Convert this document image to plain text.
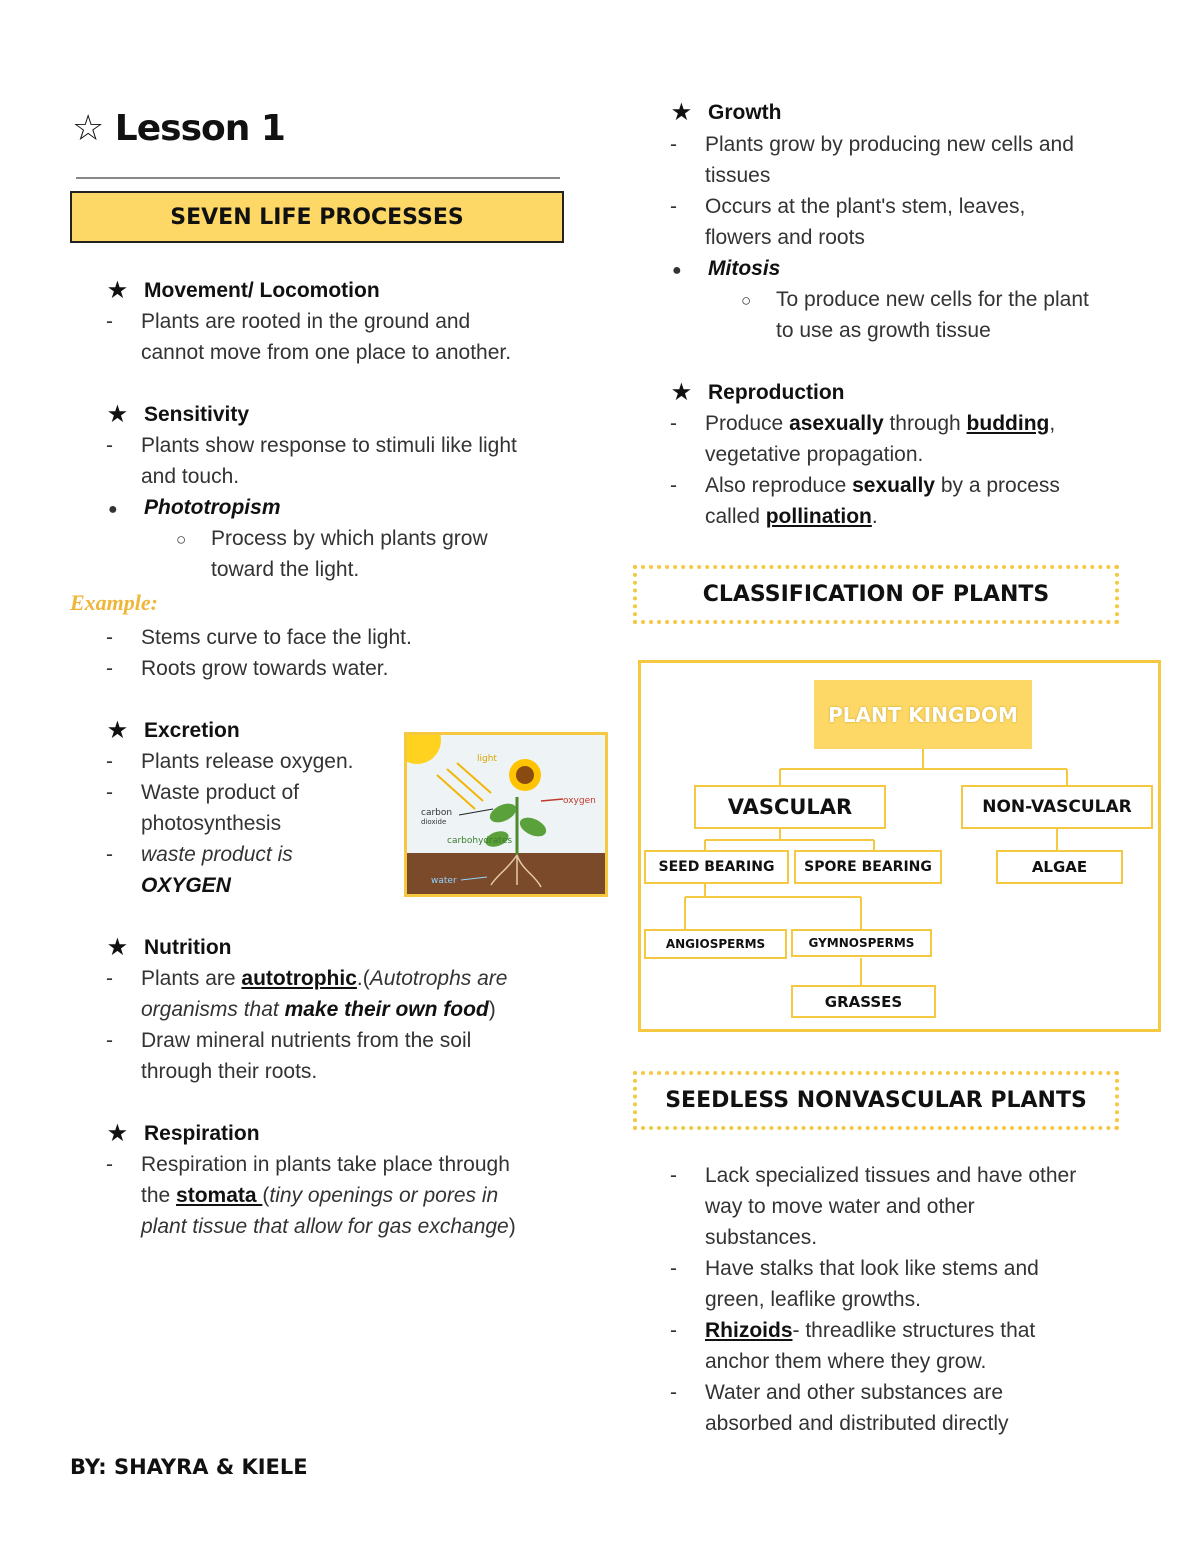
☆ Lesson 1
SEVEN LIFE PROCESSES
★ Movement/ Locomotion
- Plants are rooted in the ground and
cannot move from one place to another.
★ Sensitivity
- Plants show response to stimuli like light
and touch.
● Phototropism
○ Process by which plants grow
toward the light.
Example:
- Stems curve to face the light.
- Roots grow towards water.
★ Excretion
- Plants release oxygen.
- Waste product of
photosynthesis
- waste product is
OXYGEN
light
oxygen
carbon
dioxide
carbohydrates
water
★ Nutrition
- Plants are autotrophic.(Autotrophs are
organisms that make their own food)
- Draw mineral nutrients from the soil
through their roots.
★ Respiration
- Respiration in plants take place through
the stomata (tiny openings or pores in
plant tissue that allow for gas exchange)
BY: SHAYRA & KIELE
★ Growth
- Plants grow by producing new cells and
tissues
- Occurs at the plant's stem, leaves,
flowers and roots
● Mitosis
○ To produce new cells for the plant
to use as growth tissue
★ Reproduction
- Produce asexually through budding,
vegetative propagation.
- Also reproduce sexually by a process
called pollination.
CLASSIFICATION OF PLANTS
PLANT KINGDOM
VASCULAR	NON-VASCULAR
SEED BEARING	SPORE BEARING	ALGAE
ANGIOSPERMS	GYMNOSPERMS
GRASSES
SEEDLESS NONVASCULAR PLANTS
- Lack specialized tissues and have other
way to move water and other
substances.
- Have stalks that look like stems and
green, leaflike growths.
- Rhizoids- threadlike structures that
anchor them where they grow.
- Water and other substances are
absorbed and distributed directly
